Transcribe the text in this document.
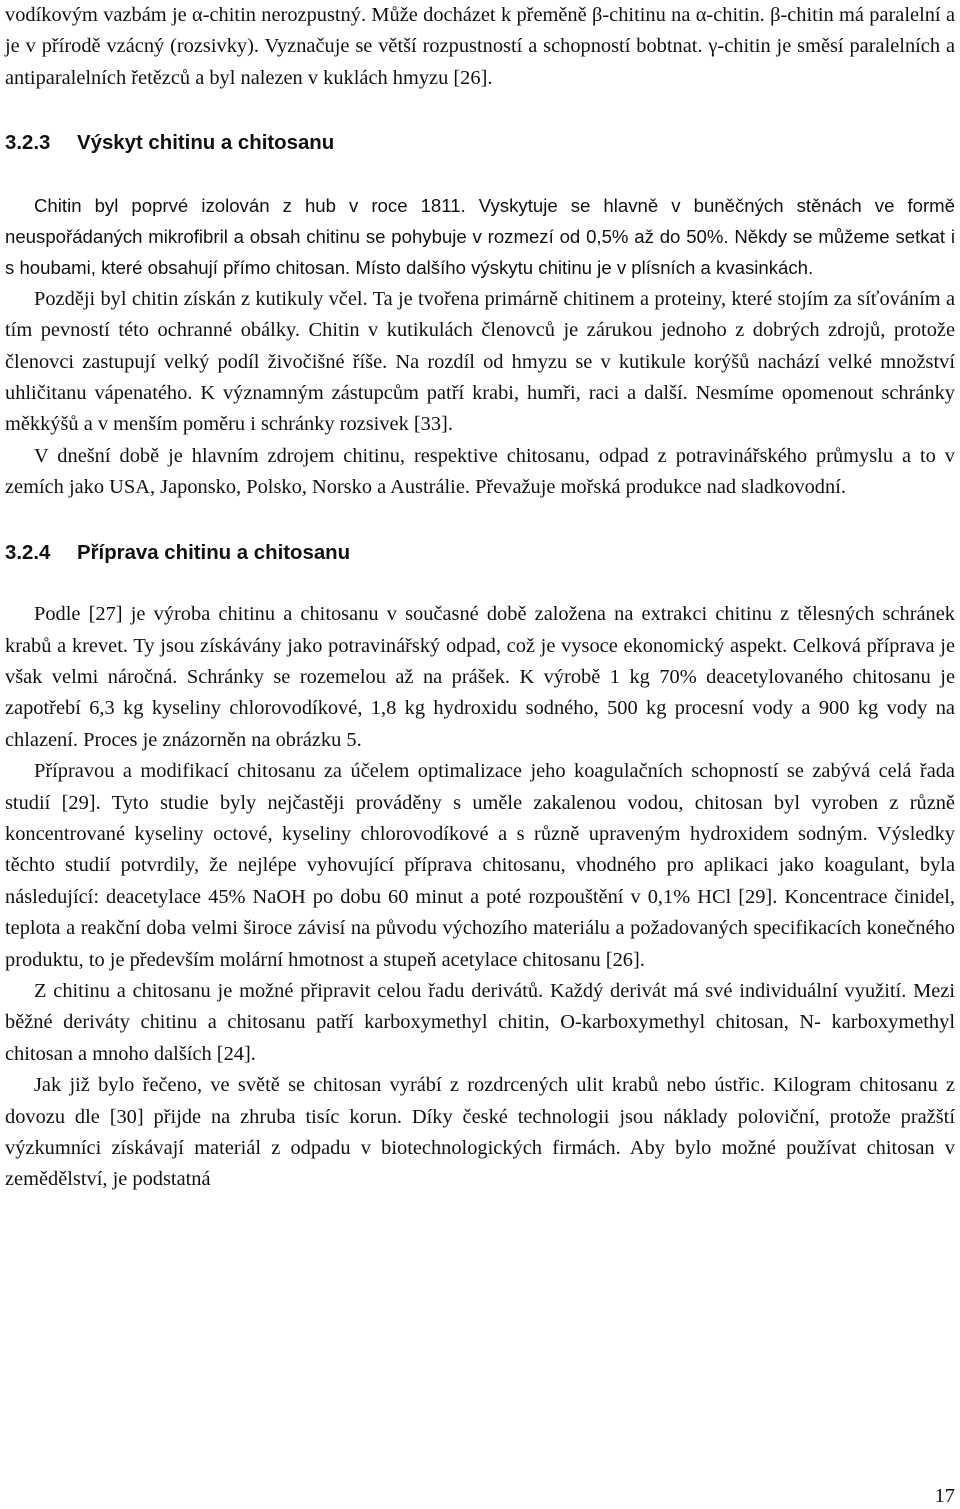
vodíkovým vazbám je α-chitin nerozpustný. Může docházet k přeměně β-chitinu na α-chitin. β-chitin má paralelní a je v přírodě vzácný (rozsivky). Vyznačuje se větší rozpustností a schopností bobtnat. γ-chitin je směsí paralelních a antiparalelních řetězců a byl nalezen v kuklách hmyzu [26].

3.2.3 Výskyt chitinu a chitosanu

Chitin byl poprvé izolován z hub v roce 1811. Vyskytuje se hlavně v buněčných stěnách ve formě neuspořádaných mikrofibril a obsah chitinu se pohybuje v rozmezí od 0,5% až do 50%. Někdy se můžeme setkat i s houbami, které obsahují přímo chitosan. Místo dalšího výskytu chitinu je v plísních a kvasinkách.

Později byl chitin získán z kutikuly včel. Ta je tvořena primárně chitinem a proteiny, které stojím za síťováním a tím pevností této ochranné obálky. Chitin v kutikulách členovců je zárukou jednoho z dobrých zdrojů, protože členovci zastupují velký podíl živočišné říše. Na rozdíl od hmyzu se v kutikule korýšů nachází velké množství uhličitanu vápenatého. K významným zástupcům patří krabi, humři, raci a další. Nesmíme opomenout schránky měkkýšů a v menším poměru i schránky rozsivek [33].

V dnešní době je hlavním zdrojem chitinu, respektive chitosanu, odpad z potravinářského průmyslu a to v zemích jako USA, Japonsko, Polsko, Norsko a Austrálie. Převažuje mořská produkce nad sladkovodní.

3.2.4 Příprava chitinu a chitosanu

Podle [27] je výroba chitinu a chitosanu v současné době založena na extrakci chitinu z tělesných schránek krabů a krevet. Ty jsou získávány jako potravinářský odpad, což je vysoce ekonomický aspekt. Celková příprava je však velmi náročná. Schránky se rozemelou až na prášek. K výrobě 1 kg 70% deacetylovaného chitosanu je zapotřebí 6,3 kg kyseliny chlorovodíkové, 1,8 kg hydroxidu sodného, 500 kg procesní vody a 900 kg vody na chlazení. Proces je znázorněn na obrázku 5.

Přípravou a modifikací chitosanu za účelem optimalizace jeho koagulačních schopností se zabývá celá řada studií [29]. Tyto studie byly nejčastěji prováděny s uměle zakalenou vodou, chitosan byl vyroben z různě koncentrované kyseliny octové, kyseliny chlorovodíkové a s různě upraveným hydroxidem sodným. Výsledky těchto studií potvrdily, že nejlépe vyhovující příprava chitosanu, vhodného pro aplikaci jako koagulant, byla následující: deacetylace 45% NaOH po dobu 60 minut a poté rozpouštění v 0,1% HCl [29]. Koncentrace činidel, teplota a reakční doba velmi široce závisí na původu výchozího materiálu a požadovaných specifikacích konečného produktu, to je především molární hmotnost a stupeň acetylace chitosanu [26].

Z chitinu a chitosanu je možné připravit celou řadu derivátů. Každý derivát má své individuální využití. Mezi běžné deriváty chitinu a chitosanu patří karboxymethyl chitin, O-karboxymethyl chitosan, N- karboxymethyl chitosan a mnoho dalších [24].

Jak již bylo řečeno, ve světě se chitosan vyrábí z rozdrcených ulit krabů nebo ústřic. Kilogram chitosanu z dovozu dle [30] přijde na zhruba tisíc korun. Díky české technologii jsou náklady poloviční, protože pražští výzkumníci získávají materiál z odpadu v biotechnologických firmách. Aby bylo možné používat chitosan v zemědělství, je podstatná

17
